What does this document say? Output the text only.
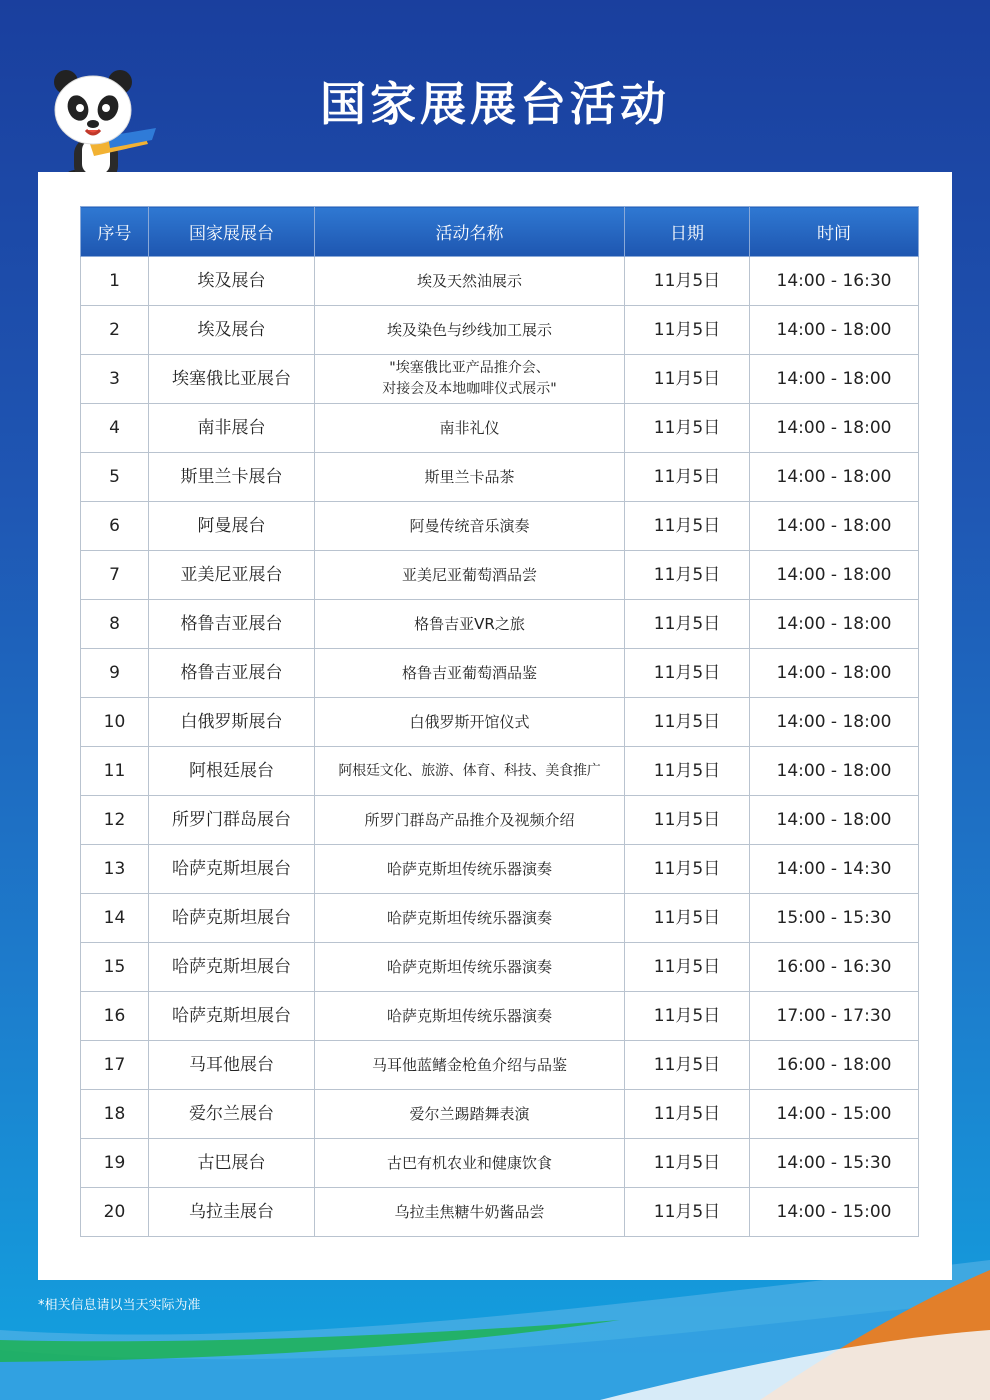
国家展展台活动
序号	国家展展台	活动名称	日期	时间
1	埃及展台	埃及天然油展示	11月5日	14:00 - 16:30
2	埃及展台	埃及染色与纱线加工展示	11月5日	14:00 - 18:00
3	埃塞俄比亚展台	"埃塞俄比亚产品推介会、
对接会及本地咖啡仪式展示"	11月5日	14:00 - 18:00
4	南非展台	南非礼仪	11月5日	14:00 - 18:00
5	斯里兰卡展台	斯里兰卡品茶	11月5日	14:00 - 18:00
6	阿曼展台	阿曼传统音乐演奏	11月5日	14:00 - 18:00
7	亚美尼亚展台	亚美尼亚葡萄酒品尝	11月5日	14:00 - 18:00
8	格鲁吉亚展台	格鲁吉亚VR之旅	11月5日	14:00 - 18:00
9	格鲁吉亚展台	格鲁吉亚葡萄酒品鉴	11月5日	14:00 - 18:00
10	白俄罗斯展台	白俄罗斯开馆仪式	11月5日	14:00 - 18:00
11	阿根廷展台	阿根廷文化、旅游、体育、科技、美食推广	11月5日	14:00 - 18:00
12	所罗门群岛展台	所罗门群岛产品推介及视频介绍	11月5日	14:00 - 18:00
13	哈萨克斯坦展台	哈萨克斯坦传统乐器演奏	11月5日	14:00 - 14:30
14	哈萨克斯坦展台	哈萨克斯坦传统乐器演奏	11月5日	15:00 - 15:30
15	哈萨克斯坦展台	哈萨克斯坦传统乐器演奏	11月5日	16:00 - 16:30
16	哈萨克斯坦展台	哈萨克斯坦传统乐器演奏	11月5日	17:00 - 17:30
17	马耳他展台	马耳他蓝鳍金枪鱼介绍与品鉴	11月5日	16:00 - 18:00
18	爱尔兰展台	爱尔兰踢踏舞表演	11月5日	14:00 - 15:00
19	古巴展台	古巴有机农业和健康饮食	11月5日	14:00 - 15:30
20	乌拉圭展台	乌拉圭焦糖牛奶酱品尝	11月5日	14:00 - 15:00
*相关信息请以当天实际为准
